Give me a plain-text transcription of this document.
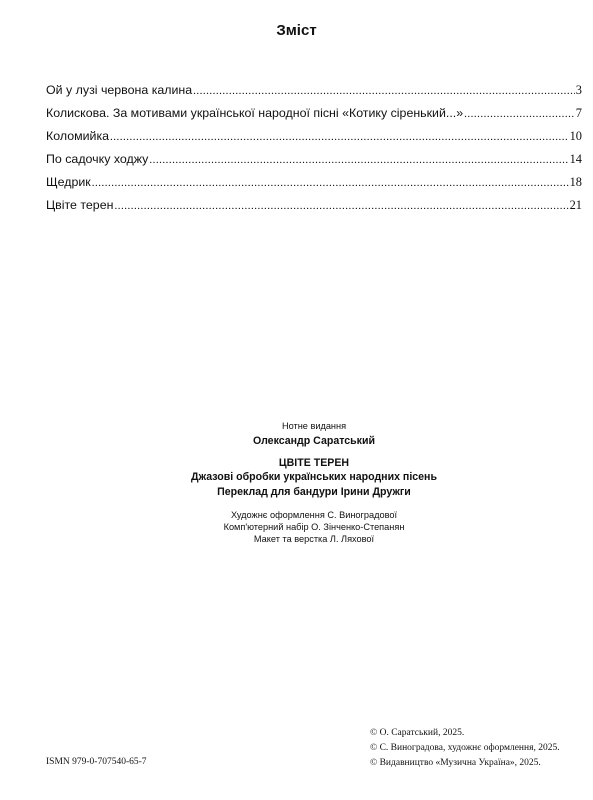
Зміст
Ой у лузі червона калина .....	3
Колискова. За мотивами української народної пісні «Котику сіренький...» .....	7
Коломийка .....	10
По садочку ходжу .....	14
Щедрик .....	18
Цвіте терен .....	21
Нотне видання
Олександр Саратський
ЦВІТЕ ТЕРЕН
Джазові обробки українських народних пісень
Переклад для бандури Ірини Дружги
Художнє оформлення С. Виноградової
Комп'ютерний набір О. Зінченко-Степанян
Макет та верстка Л. Ляхової
ISMN 979-0-707540-65-7
© О. Саратський, 2025.
© С. Виноградова, художнє оформлення, 2025.
© Видавництво «Музична Україна», 2025.
